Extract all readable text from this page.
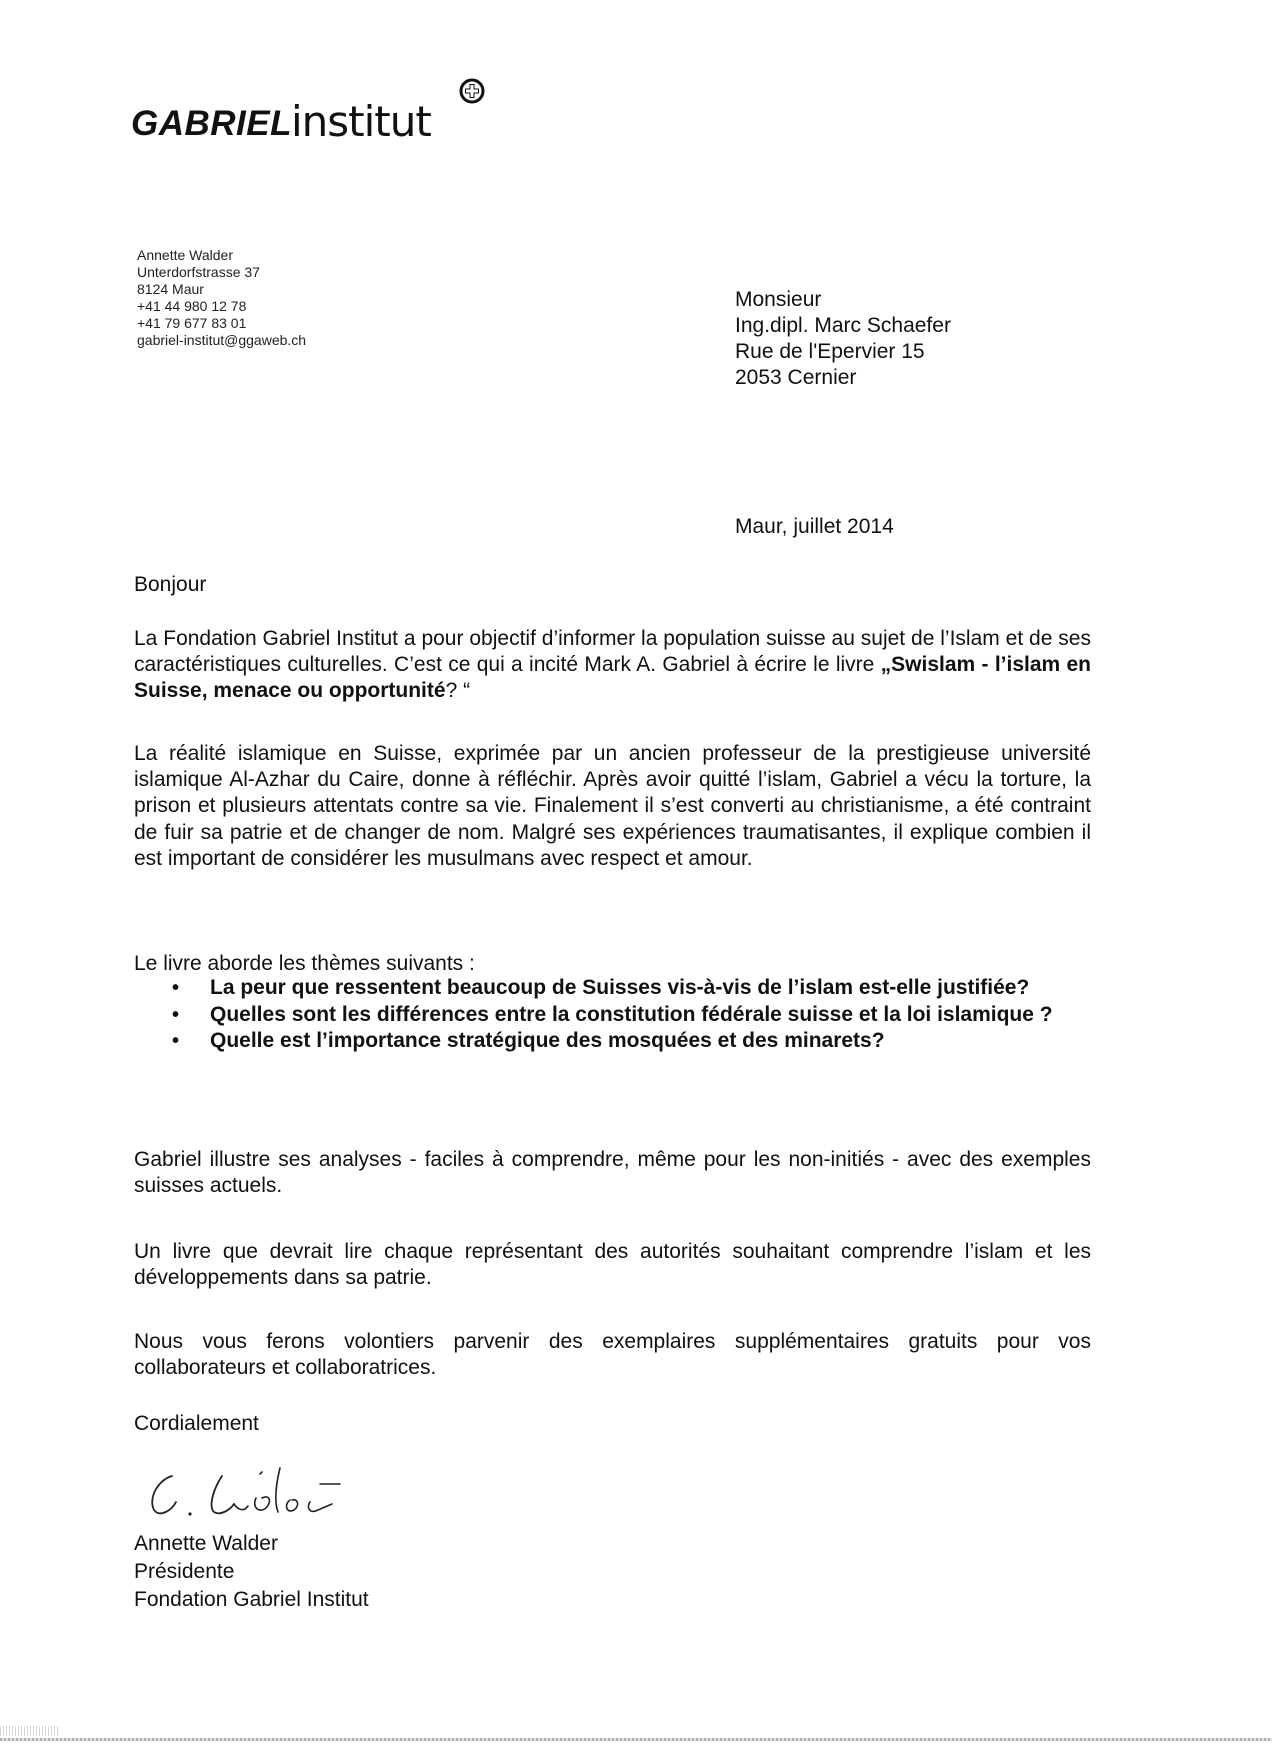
GABRIEL institut
Annette Walder
Unterdorfstrasse 37
8124 Maur
+41 44 980 12 78
+41 79 677 83 01
gabriel-institut@ggaweb.ch
Monsieur
Ing.dipl. Marc Schaefer
Rue de l'Epervier 15
2053 Cernier
Maur, juillet 2014
Bonjour
La Fondation Gabriel Institut a pour objectif d’informer la population suisse au sujet de l’Islam et de ses caractéristiques culturelles. C’est ce qui a incité Mark A. Gabriel à écrire le livre „Swislam - l’islam en Suisse, menace ou opportunité? “
La réalité islamique en Suisse, exprimée par un ancien professeur de la prestigieuse université islamique Al-Azhar du Caire, donne à réfléchir. Après avoir quitté l’islam, Gabriel a vécu la torture, la prison et plusieurs attentats contre sa vie. Finalement il s’est converti au christianisme, a été contraint de fuir sa patrie et de changer de nom. Malgré ses expériences traumatisantes, il explique combien il est important de considérer les musulmans avec respect et amour.
Le livre aborde les thèmes suivants :
• La peur que ressentent beaucoup de Suisses vis-à-vis de l’islam est-elle justifiée?
• Quelles sont les différences entre la constitution fédérale suisse et la loi islamique ?
• Quelle est l’importance stratégique des mosquées et des minarets?
Gabriel illustre ses analyses - faciles à comprendre, même pour les non-initiés - avec des exemples suisses actuels.
Un livre que devrait lire chaque représentant des autorités souhaitant comprendre l’islam et les développements dans sa patrie.
Nous vous ferons volontiers parvenir des exemplaires supplémentaires gratuits pour vos collaborateurs et collaboratrices.
Cordialement
Annette Walder
Présidente
Fondation Gabriel Institut
